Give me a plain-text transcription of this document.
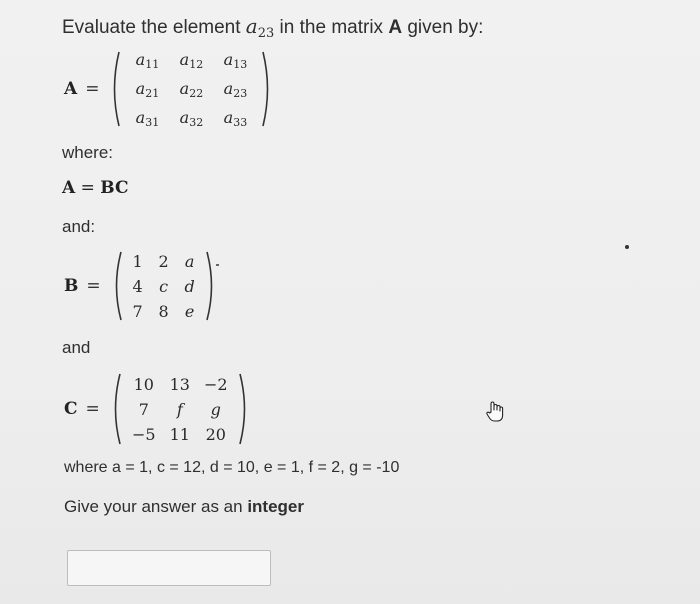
Evaluate the element $a_{23}$ in the matrix A given by:
A =
$a_{11}$	$a_{12}$	$a_{13}$
$a_{21}$	$a_{22}$	$a_{23}$
$a_{31}$	$a_{32}$	$a_{33}$
where:
A = BC
and:
B =
1 2	a
4	c	d
7 8	e
and
C =
10 13 −2
7	f	g
−5 11 20
where a = 1, c = 12, d = 10, e = 1, f = 2, g = -10
Give your answer as an integer
